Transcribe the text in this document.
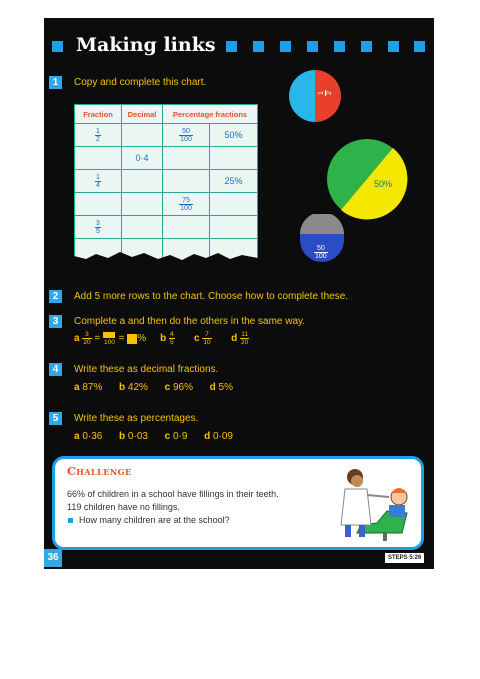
Making links
1	Copy and complete this chart.
Fraction	Decimal	Percentage fractions	

$\frac{1}{2}$		$\frac{50}{100}$	50%
	0·4		

$\frac{1}{4}$			25%

		$\frac{75}{100}$

$\frac{3}{5}$

1 2
50%
$\frac{50}{100}$
2	Add 5 more rows to the chart. Choose how to complete these.
3	Complete a and then do the others in the same way.
a $\frac{3}{20} = 100$ = % b $\frac{4}{5}$ c $\frac{7}{10}$ d $\frac{11}{20}$
4	Write these as decimal fractions.
a 87% b 42% c 96% d 5%
5	Write these as percentages.
a 0·36 b 0·03 c 0·9 d 0·09
Challenge
66% of children in a school have fillings in their teeth.
119 children have no fillings.
How many children are at the school?
36	STEPS 5:26
